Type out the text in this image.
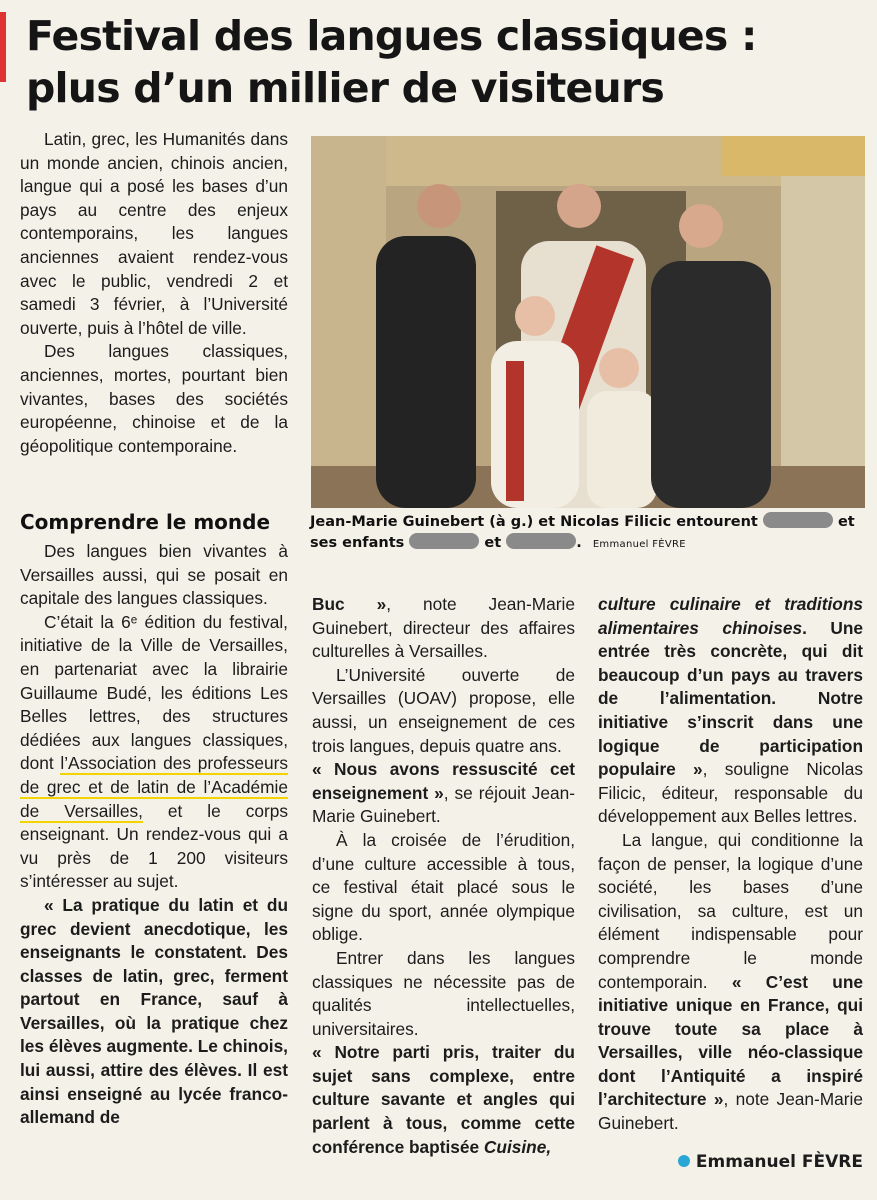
Festival des langues classiques :
plus d’un millier de visiteurs

Latin, grec, les Humanités dans un monde ancien, chinois ancien, langue qui a posé les bases d’un pays au centre des enjeux contemporains, les langues anciennes avaient rendez-vous avec le public, vendredi 2 et samedi 3 février, à l’Université ouverte, puis à l’hôtel de ville.

Des langues classiques, anciennes, mortes, pourtant bien vivantes, bases des sociétés européenne, chinoise et de la géopolitique contemporaine.

Comprendre le monde

Des langues bien vivantes à Versailles aussi, qui se posait en capitale des langues classiques.

C’était la 6ᵉ édition du festival, initiative de la Ville de Versailles, en partenariat avec la librairie Guillaume Budé, les éditions Les Belles lettres, des structures dédiées aux langues classiques, dont l’Association des professeurs de grec et de latin de l’Académie de Versailles, et le corps enseignant. Un rendez-vous qui a vu près de 1 200 visiteurs s’intéresser au sujet.

« La pratique du latin et du grec devient anecdotique, les enseignants le constatent. Des classes de latin, grec, ferment partout en France, sauf à Versailles, où la pratique chez les élèves augmente. Le chinois, lui aussi, attire des élèves. Il est ainsi enseigné au lycée franco-allemand de

Buc », note Jean-Marie Guinebert, directeur des affaires culturelles à Versailles.

L’Université ouverte de Versailles (UOAV) propose, elle aussi, un enseignement de ces trois langues, depuis quatre ans.

« Nous avons ressuscité cet enseignement », se réjouit Jean-Marie Guinebert.

À la croisée de l’érudition, d’une culture accessible à tous, ce festival était placé sous le signe du sport, année olympique oblige.

Entrer dans les langues classiques ne nécessite pas de qualités intellectuelles, universitaires.

« Notre parti pris, traiter du sujet sans complexe, entre culture savante et angles qui parlent à tous, comme cette conférence baptisée Cuisine,

culture culinaire et traditions alimentaires chinoises. Une entrée très concrète, qui dit beaucoup d’un pays au travers de l’alimentation. Notre initiative s’inscrit dans une logique de participation populaire », souligne Nicolas Filicic, éditeur, responsable du développement aux Belles lettres.

La langue, qui conditionne la façon de penser, la logique d’une société, les bases d’une civilisation, sa culture, est un élément indispensable pour comprendre le monde contemporain. « C’est une initiative unique en France, qui trouve toute sa place à Versailles, ville néo-classique dont l’Antiquité a inspiré l’architecture », note Jean-Marie Guinebert.

Jean-Marie Guinebert (à g.) et Nicolas Filicic entourent	et ses enfants	et	. Emmanuel FÈVRE
Emmanuel FÈVRE
